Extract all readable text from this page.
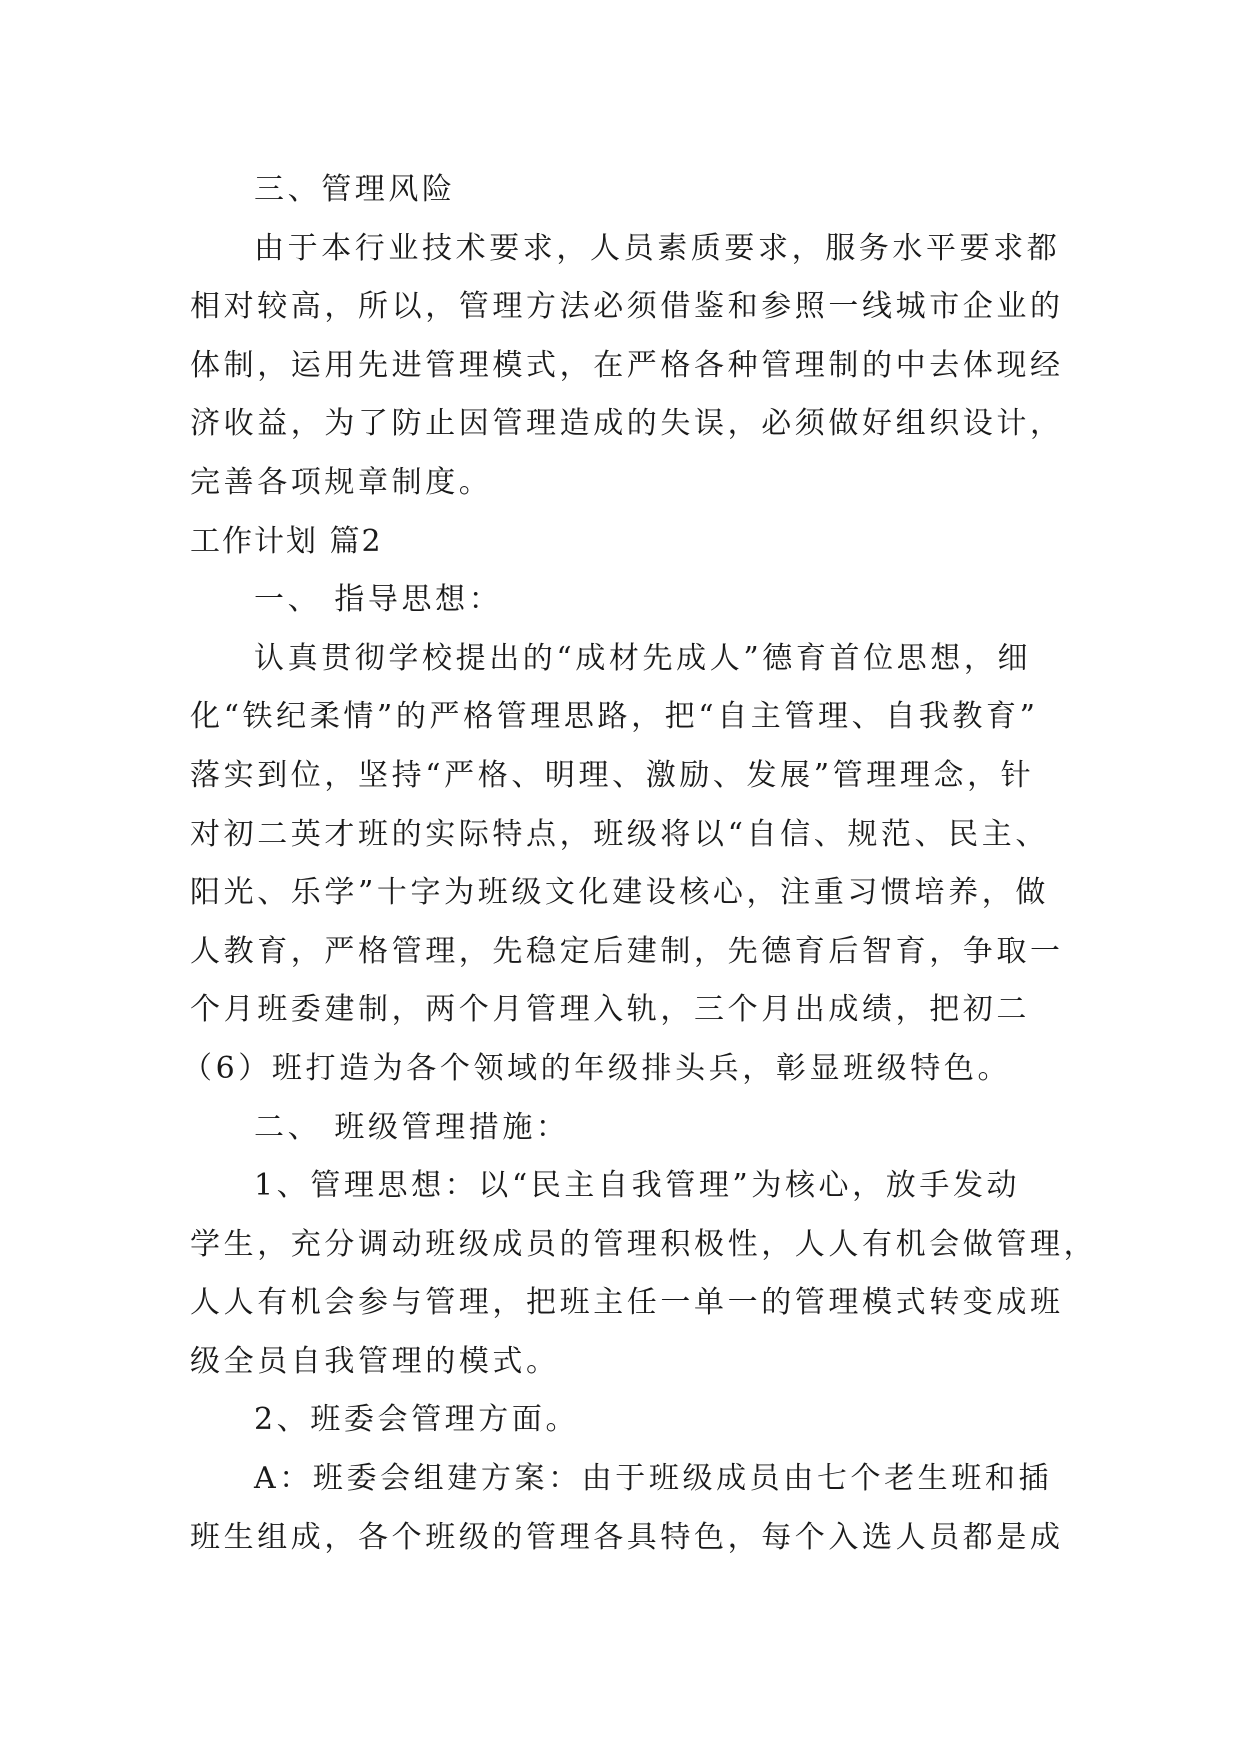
三、管理风险
由于本行业技术要求，人员素质要求，服务水平要求都
相对较高，所以，管理方法必须借鉴和参照一线城市企业的
体制，运用先进管理模式，在严格各种管理制的中去体现经
济收益，为了防止因管理造成的失误，必须做好组织设计，
完善各项规章制度。
工作计划 篇2
一、 指导思想：
认真贯彻学校提出的“成材先成人”德育首位思想，细
化“铁纪柔情”的严格管理思路，把“自主管理、自我教育”
落实到位，坚持“严格、明理、激励、发展”管理理念，针
对初二英才班的实际特点，班级将以“自信、规范、民主、
阳光、乐学”十字为班级文化建设核心，注重习惯培养，做
人教育，严格管理，先稳定后建制，先德育后智育，争取一
个月班委建制，两个月管理入轨，三个月出成绩，把初二
（6）班打造为各个领域的年级排头兵，彰显班级特色。
二、 班级管理措施：
1、管理思想：以“民主自我管理”为核心，放手发动
学生，充分调动班级成员的管理积极性，人人有机会做管理，
人人有机会参与管理，把班主任一单一的管理模式转变成班
级全员自我管理的模式。
2、班委会管理方面。
A：班委会组建方案：由于班级成员由七个老生班和插
班生组成，各个班级的管理各具特色，每个入选人员都是成
